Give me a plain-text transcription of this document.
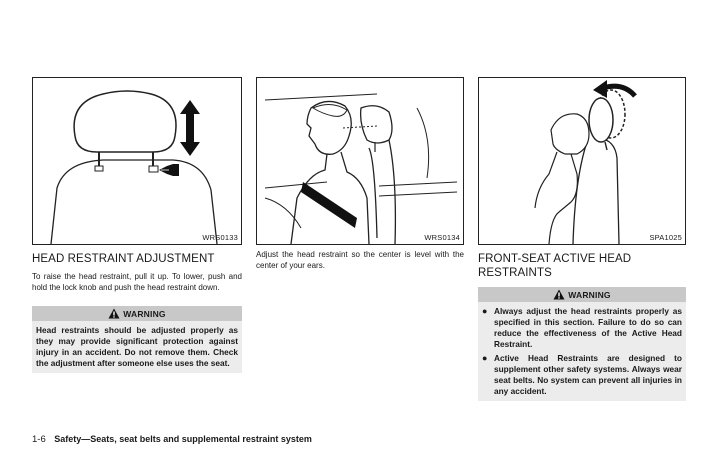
WRS0133
HEAD RESTRAINT ADJUSTMENT

To raise the head restraint, pull it up. To lower, push and hold the lock knob and push the head restraint down.

WARNING
Head restraints should be adjusted properly as they may provide significant protection against injury in an accident. Do not remove them. Check the adjustment after someone else uses the seat.
WRS0134

Adjust the head restraint so the center is level with the center of your ears.

SPA1025
FRONT-SEAT ACTIVE HEAD RESTRAINTS
WARNING
● Always adjust the head restraints properly as specified in this section. Failure to do so can reduce the effectiveness of the Active Head Restraint.
● Active Head Restraints are designed to supplement other safety systems. Always wear seat belts. No system can prevent all injuries in any accident.
1-6 Safety—Seats, seat belts and supplemental restraint system
